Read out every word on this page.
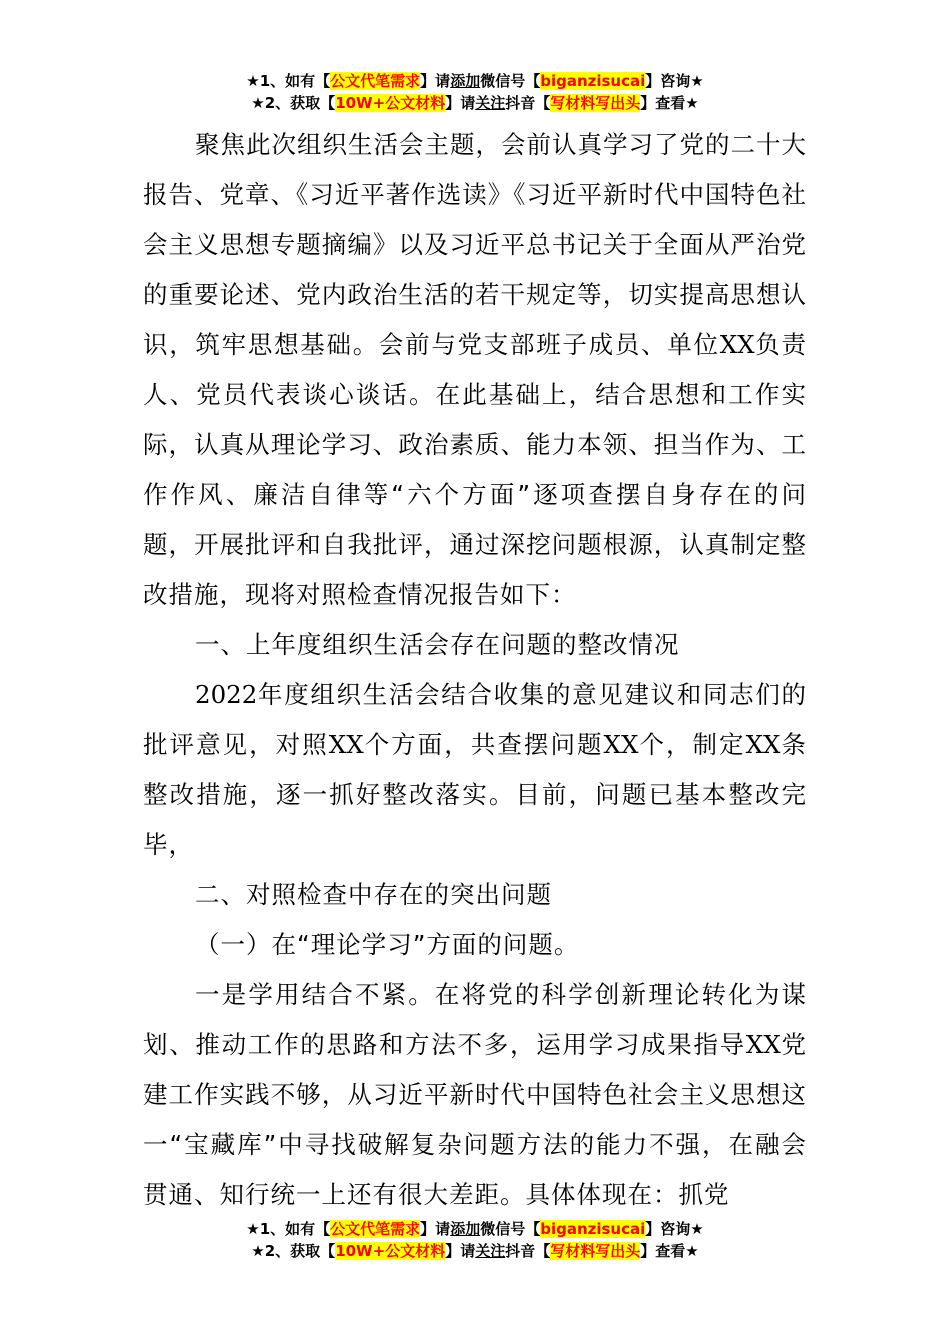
★1、如有【公文代笔需求】请添加微信号【biganzisucai】咨询★
★2、获取【10W+公文材料】请关注抖音【写材料写出头】查看★

聚焦此次组织生活会主题，会前认真学习了党的二十大报告、党章、《习近平著作选读》《习近平新时代中国特色社会主义思想专题摘编》以及习近平总书记关于全面从严治党的重要论述、党内政治生活的若干规定等，切实提高思想认识，筑牢思想基础。会前与党支部班子成员、单位XX负责人、党员代表谈心谈话。在此基础上，结合思想和工作实际，认真从理论学习、政治素质、能力本领、担当作为、工作作风、廉洁自律等“六个方面”逐项查摆自身存在的问题，开展批评和自我批评，通过深挖问题根源，认真制定整改措施，现将对照检查情况报告如下：

一、上年度组织生活会存在问题的整改情况

2022年度组织生活会结合收集的意见建议和同志们的批评意见，对照XX个方面，共查摆问题XX个，制定XX条整改措施，逐一抓好整改落实。目前，问题已基本整改完毕，

二、对照检查中存在的突出问题

（一）在“理论学习”方面的问题。

一是学用结合不紧。在将党的科学创新理论转化为谋划、推动工作的思路和方法不多，运用学习成果指导XX党建工作实践不够，从习近平新时代中国特色社会主义思想这一“宝藏库”中寻找破解复杂问题方法的能力不强，在融会贯通、知行统一上还有很大差距。具体体现在：抓党

★1、如有【公文代笔需求】请添加微信号【biganzisucai】咨询★
★2、获取【10W+公文材料】请关注抖音【写材料写出头】查看★
